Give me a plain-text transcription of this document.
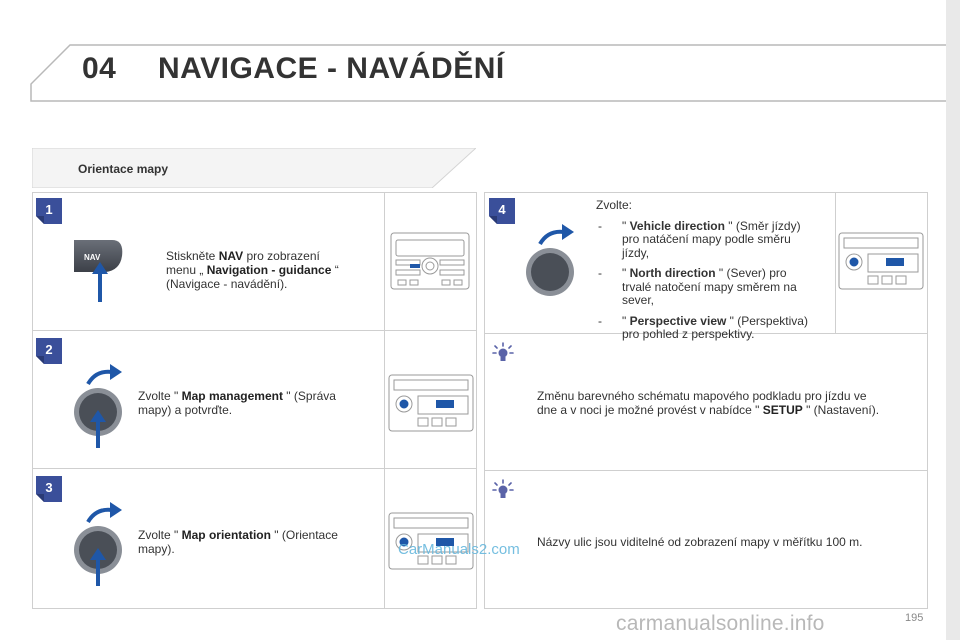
04 NAVIGACE - NAVÁDĚNÍ
Orientace mapy
1
2
3
4
NAV	Stiskněte NAV pro zobrazení
menu „ Navigation - guidance “
(Navigace - navádění).
Zvolte " Map management " (Správa
mapy) a potvrďte.
Zvolte " Map orientation " (Orientace
mapy).
Zvolte:
- " Vehicle direction " (Směr jízdy)
pro natáčení mapy podle směru
jízdy,
- " North direction " (Sever) pro
trvalé natočení mapy směrem na
sever,
- " Perspective view " (Perspektiva)
pro pohled z perspektivy.
Změnu barevného schématu mapového podkladu pro jízdu ve
dne a v noci je možné provést v nabídce " SETUP " (Nastavení).
Názvy ulic jsou viditelné od zobrazení mapy v měřítku 100 m.
CarManuals2.com
carmanualsonline.info	195
